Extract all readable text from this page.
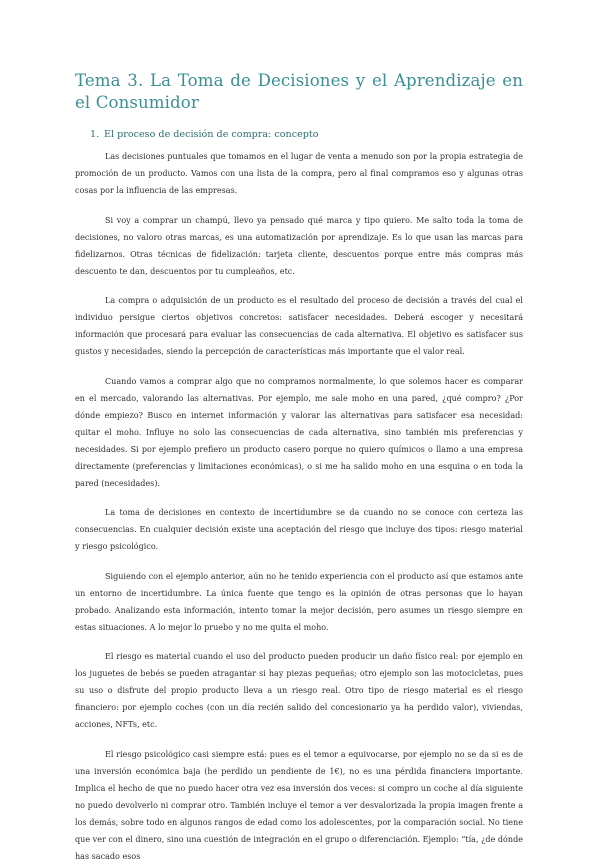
Tema 3. La Toma de Decisiones y el Aprendizaje en el Consumidor
1. El proceso de decisión de compra: concepto

Las decisiones puntuales que tomamos en el lugar de venta a menudo son por la propia estrategia de promoción de un producto. Vamos con una lista de la compra, pero al final compramos eso y algunas otras cosas por la influencia de las empresas.

Si voy a comprar un champú, llevo ya pensado qué marca y tipo quiero. Me salto toda la toma de decisiones, no valoro otras marcas, es una automatización por aprendizaje. Es lo que usan las marcas para fidelizarnos. Otras técnicas de fidelización: tarjeta cliente, descuentos porque entre más compras más descuento te dan, descuentos por tu cumpleaños, etc.

La compra o adquisición de un producto es el resultado del proceso de decisión a través del cual el individuo persigue ciertos objetivos concretos: satisfacer necesidades. Deberá escoger y necesitará información que procesará para evaluar las consecuencias de cada alternativa. El objetivo es satisfacer sus gustos y necesidades, siendo la percepción de características más importante que el valor real.

Cuando vamos a comprar algo que no compramos normalmente, lo que solemos hacer es comparar en el mercado, valorando las alternativas. Por ejemplo, me sale moho en una pared, ¿qué compro? ¿Por dónde empiezo? Busco en internet información y valorar las alternativas para satisfacer esa necesidad: quitar el moho. Influye no solo las consecuencias de cada alternativa, sino también mis preferencias y necesidades. Si por ejemplo prefiero un producto casero porque no quiero químicos o llamo a una empresa directamente (preferencias y limitaciones económicas), o si me ha salido moho en una esquina o en toda la pared (necesidades).

La toma de decisiones en contexto de incertidumbre se da cuando no se conoce con certeza las consecuencias. En cualquier decisión existe una aceptación del riesgo que incluye dos tipos: riesgo material y riesgo psicológico.

Siguiendo con el ejemplo anterior, aún no he tenido experiencia con el producto así que estamos ante un entorno de incertidumbre. La única fuente que tengo es la opinión de otras personas que lo hayan probado. Analizando esta información, intento tomar la mejor decisión, pero asumes un riesgo siempre en estas situaciones. A lo mejor lo pruebo y no me quita el moho.

El riesgo es material cuando el uso del producto pueden producir un daño físico real: por ejemplo en los juguetes de bebés se pueden atragantar si hay piezas pequeñas; otro ejemplo son las motocicletas, pues su uso o disfrute del propio producto lleva a un riesgo real. Otro tipo de riesgo material es el riesgo financiero: por ejemplo coches (con un día recién salido del concesionario ya ha perdido valor), viviendas, acciones, NFTs, etc.

El riesgo psicológico casi siempre está: pues es el temor a equivocarse, por ejemplo no se da si es de una inversión económica baja (he perdido un pendiente de 1€), no es una pérdida financiera importante. Implica el hecho de que no puedo hacer otra vez esa inversión dos veces: si compro un coche al día siguiente no puedo devolverlo ni comprar otro. También incluye el temor a ver desvalorizada la propia imagen frente a los demás, sobre todo en algunos rangos de edad como los adolescentes, por la comparación social. No tiene que ver con el dinero, sino una cuestión de integración en el grupo o diferenciación. Ejemplo: “tía, ¿de dónde has sacado esos
